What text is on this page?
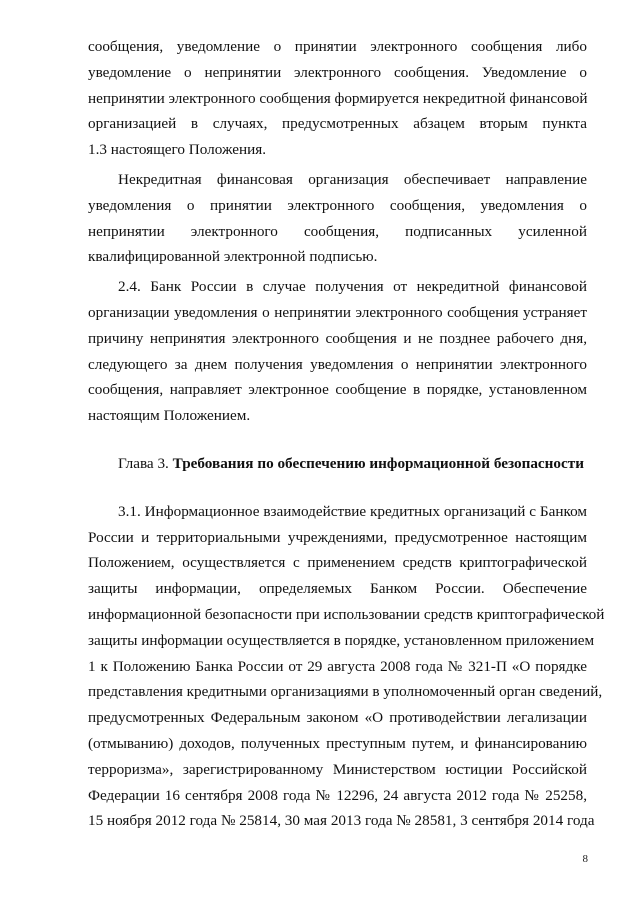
сообщения, уведомление о принятии электронного сообщения либо
уведомление о непринятии электронного сообщения. Уведомление о
непринятии электронного сообщения формируется некредитной финансовой
организацией в случаях, предусмотренных абзацем вторым пункта
1.3 настоящего Положения.

Некредитная финансовая организация обеспечивает направление
уведомления о принятии электронного сообщения, уведомления о
непринятии электронного сообщения, подписанных усиленной
квалифицированной электронной подписью.

2.4. Банк России в случае получения от некредитной финансовой
организации уведомления о непринятии электронного сообщения устраняет
причину непринятия электронного сообщения и не позднее рабочего дня,
следующего за днем получения уведомления о непринятии электронного
сообщения, направляет электронное сообщение в порядке, установленном
настоящим Положением.

Глава 3. Требования по обеспечению информационной безопасности

3.1. Информационное взаимодействие кредитных организаций с Банком
России и территориальными учреждениями, предусмотренное настоящим
Положением, осуществляется с применением средств криптографической
защиты информации, определяемых Банком России. Обеспечение
информационной безопасности при использовании средств криптографической
защиты информации осуществляется в порядке, установленном приложением
1 к Положению Банка России от 29 августа 2008 года № 321-П «О порядке
представления кредитными организациями в уполномоченный орган сведений,
предусмотренных Федеральным законом «О противодействии легализации
(отмыванию) доходов, полученных преступным путем, и финансированию
терроризма», зарегистрированному Министерством юстиции Российской
Федерации 16 сентября 2008 года № 12296, 24 августа 2012 года № 25258,
15 ноября 2012 года № 25814, 30 мая 2013 года № 28581, 3 сентября 2014 года

8
